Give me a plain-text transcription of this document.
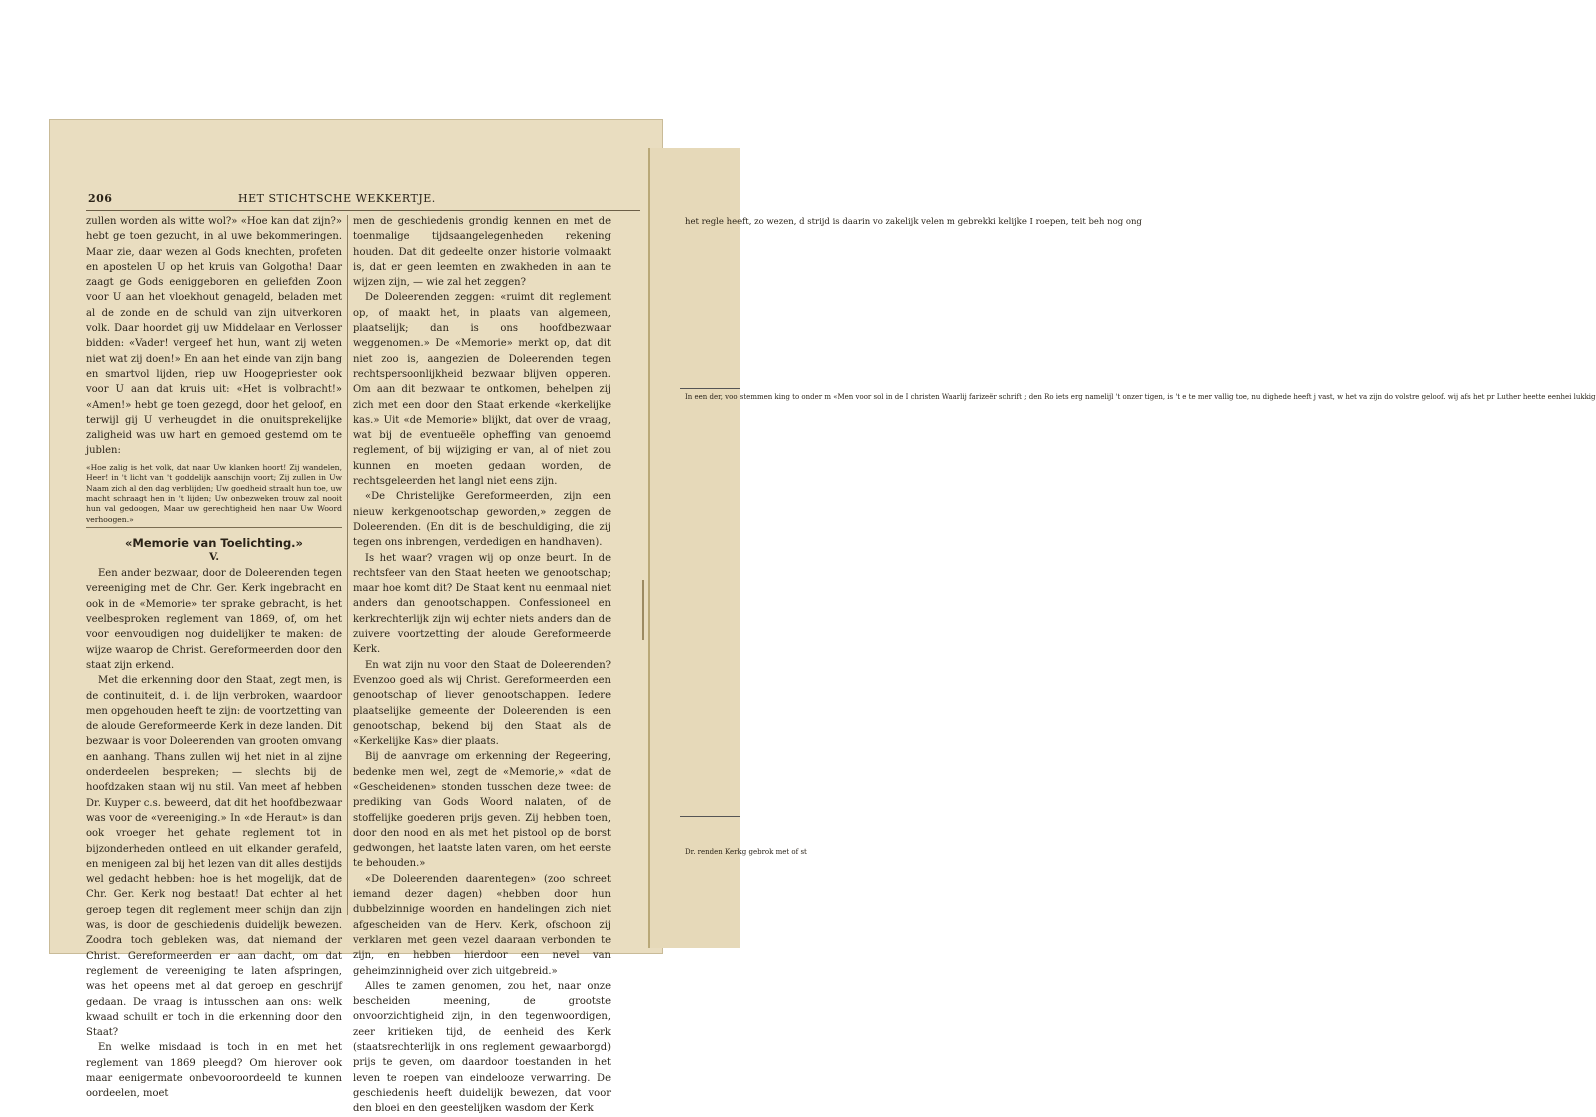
het regle heeft, zo wezen, d strijd is daarin vo zakelijk velen m gebrekki kelijke I roepen, teit beh nog ong
In een der, voo stemmen king to onder m «Men voor sol in de I christen Waarlij farizeër schrift ; den Ro iets erg namelijl 't onzer tigen, is 't e te mer vallig toe, nu dighede heeft j vast, w het va zijn do volstre geloof. wij afs het pr Luther heette eenhei lukkig
Dr. renden Kerkg gebrok met of st
206	HET STICHTSCHE WEKKERTJE.

zullen worden als witte wol?» «Hoe kan dat zijn?» hebt ge toen gezucht, in al uwe bekommeringen. Maar zie, daar wezen al Gods knechten, profeten en apostelen U op het kruis van Golgotha! Daar zaagt ge Gods eeniggeboren en geliefden Zoon voor U aan het vloekhout genageld, beladen met al de zonde en de schuld van zijn uitverkoren volk. Daar hoordet gij uw Middelaar en Verlosser bidden: «Vader! vergeef het hun, want zij weten niet wat zij doen!» En aan het einde van zijn bang en smartvol lijden, riep uw Hoogepriester ook voor U aan dat kruis uit: «Het is volbracht!» «Amen!» hebt ge toen gezegd, door het geloof, en terwijl gij U verheugdet in die onuitsprekelijke zaligheid was uw hart en gemoed gestemd om te jublen:

«Hoe zalig is het volk, dat naar Uw klanken hoort! Zij wandelen, Heer! in 't licht van 't goddelijk aanschijn voort; Zij zullen in Uw Naam zich al den dag verblijden; Uw goedheid straalt hun toe, uw macht schraagt hen in 't lijden; Uw onbezweken trouw zal nooit hun val gedoogen, Maar uw gerechtigheid hen naar Uw Woord verhoogen.»

«Memorie van Toelichting.»

V.

Een ander bezwaar, door de Doleerenden tegen vereeniging met de Chr. Ger. Kerk ingebracht en ook in de «Memorie» ter sprake gebracht, is het veelbesproken reglement van 1869, of, om het voor eenvoudigen nog duidelijker te maken: de wijze waarop de Christ. Gereformeerden door den staat zijn erkend.

Met die erkenning door den Staat, zegt men, is de continuiteit, d. i. de lijn verbroken, waardoor men opgehouden heeft te zijn: de voortzetting van de aloude Gereformeerde Kerk in deze landen. Dit bezwaar is voor Doleerenden van grooten omvang en aanhang. Thans zullen wij het niet in al zijne onderdeelen bespreken; — slechts bij de hoofdzaken staan wij nu stil. Van meet af hebben Dr. Kuyper c.s. beweerd, dat dit het hoofdbezwaar was voor de «vereeniging.» In «de Heraut» is dan ook vroeger het gehate reglement tot in bijzonderheden ontleed en uit elkander gerafeld, en menigeen zal bij het lezen van dit alles destijds wel gedacht hebben: hoe is het mogelijk, dat de Chr. Ger. Kerk nog bestaat! Dat echter al het geroep tegen dit reglement meer schijn dan zijn was, is door de geschiedenis duidelijk bewezen. Zoodra toch gebleken was, dat niemand der Christ. Gereformeerden er aan dacht, om dat reglement de vereeniging te laten afspringen, was het opeens met al dat geroep en geschrijf gedaan. De vraag is intusschen aan ons: welk kwaad schuilt er toch in die erkenning door den Staat?

En welke misdaad is toch in en met het reglement van 1869 pleegd? Om hierover ook maar eenigermate onbevooroordeeld te kunnen oordeelen, moet

men de geschiedenis grondig kennen en met de toenmalige tijdsaangelegenheden rekening houden. Dat dit gedeelte onzer historie volmaakt is, dat er geen leemten en zwakheden in aan te wijzen zijn, — wie zal het zeggen?

De Doleerenden zeggen: «ruimt dit reglement op, of maakt het, in plaats van algemeen, plaatselijk; dan is ons hoofdbezwaar weggenomen.» De «Memorie» merkt op, dat dit niet zoo is, aangezien de Doleerenden tegen rechtspersoonlijkheid bezwaar blijven opperen. Om aan dit bezwaar te ontkomen, behelpen zij zich met een door den Staat erkende «kerkelijke kas.» Uit «de Memorie» blijkt, dat over de vraag, wat bij de eventueële opheffing van genoemd reglement, of bij wijziging er van, al of niet zou kunnen en moeten gedaan worden, de rechtsgeleerden het langl niet eens zijn.

«De Christelijke Gereformeerden, zijn een nieuw kerkgenootschap geworden,» zeggen de Doleerenden. (En dit is de beschuldiging, die zij tegen ons inbrengen, verdedigen en handhaven).

Is het waar? vragen wij op onze beurt. In de rechtsfeer van den Staat heeten we genootschap; maar hoe komt dit? De Staat kent nu eenmaal niet anders dan genootschappen. Confessioneel en kerkrechterlijk zijn wij echter niets anders dan de zuivere voortzetting der aloude Gereformeerde Kerk.

En wat zijn nu voor den Staat de Doleerenden? Evenzoo goed als wij Christ. Gereformeerden een genootschap of liever genootschappen. Iedere plaatselijke gemeente der Doleerenden is een genootschap, bekend bij den Staat als de «Kerkelijke Kas» dier plaats.

Bij de aanvrage om erkenning der Regeering, bedenke men wel, zegt de «Memorie,» «dat de «Gescheidenen» stonden tusschen deze twee: de prediking van Gods Woord nalaten, of de stoffelijke goederen prijs geven. Zij hebben toen, door den nood en als met het pistool op de borst gedwongen, het laatste laten varen, om het eerste te behouden.»

«De Doleerenden daarentegen» (zoo schreet iemand dezer dagen) «hebben door hun dubbelzinnige woorden en handelingen zich niet afgescheiden van de Herv. Kerk, ofschoon zij verklaren met geen vezel daaraan verbonden te zijn, en hebben hierdoor een nevel van geheimzinnigheid over zich uitgebreid.»

Alles te zamen genomen, zou het, naar onze bescheiden meening, de grootste onvoorzichtigheid zijn, in den tegenwoordigen, zeer kritieken tijd, de eenheid des Kerk (staatsrechterlijk in ons reglement gewaarborgd) prijs te geven, om daardoor toestanden in het leven te roepen van eindelooze verwarring. De geschiedenis heeft duidelijk bewezen, dat voor den bloei en den geestelijken wasdom der Kerk
